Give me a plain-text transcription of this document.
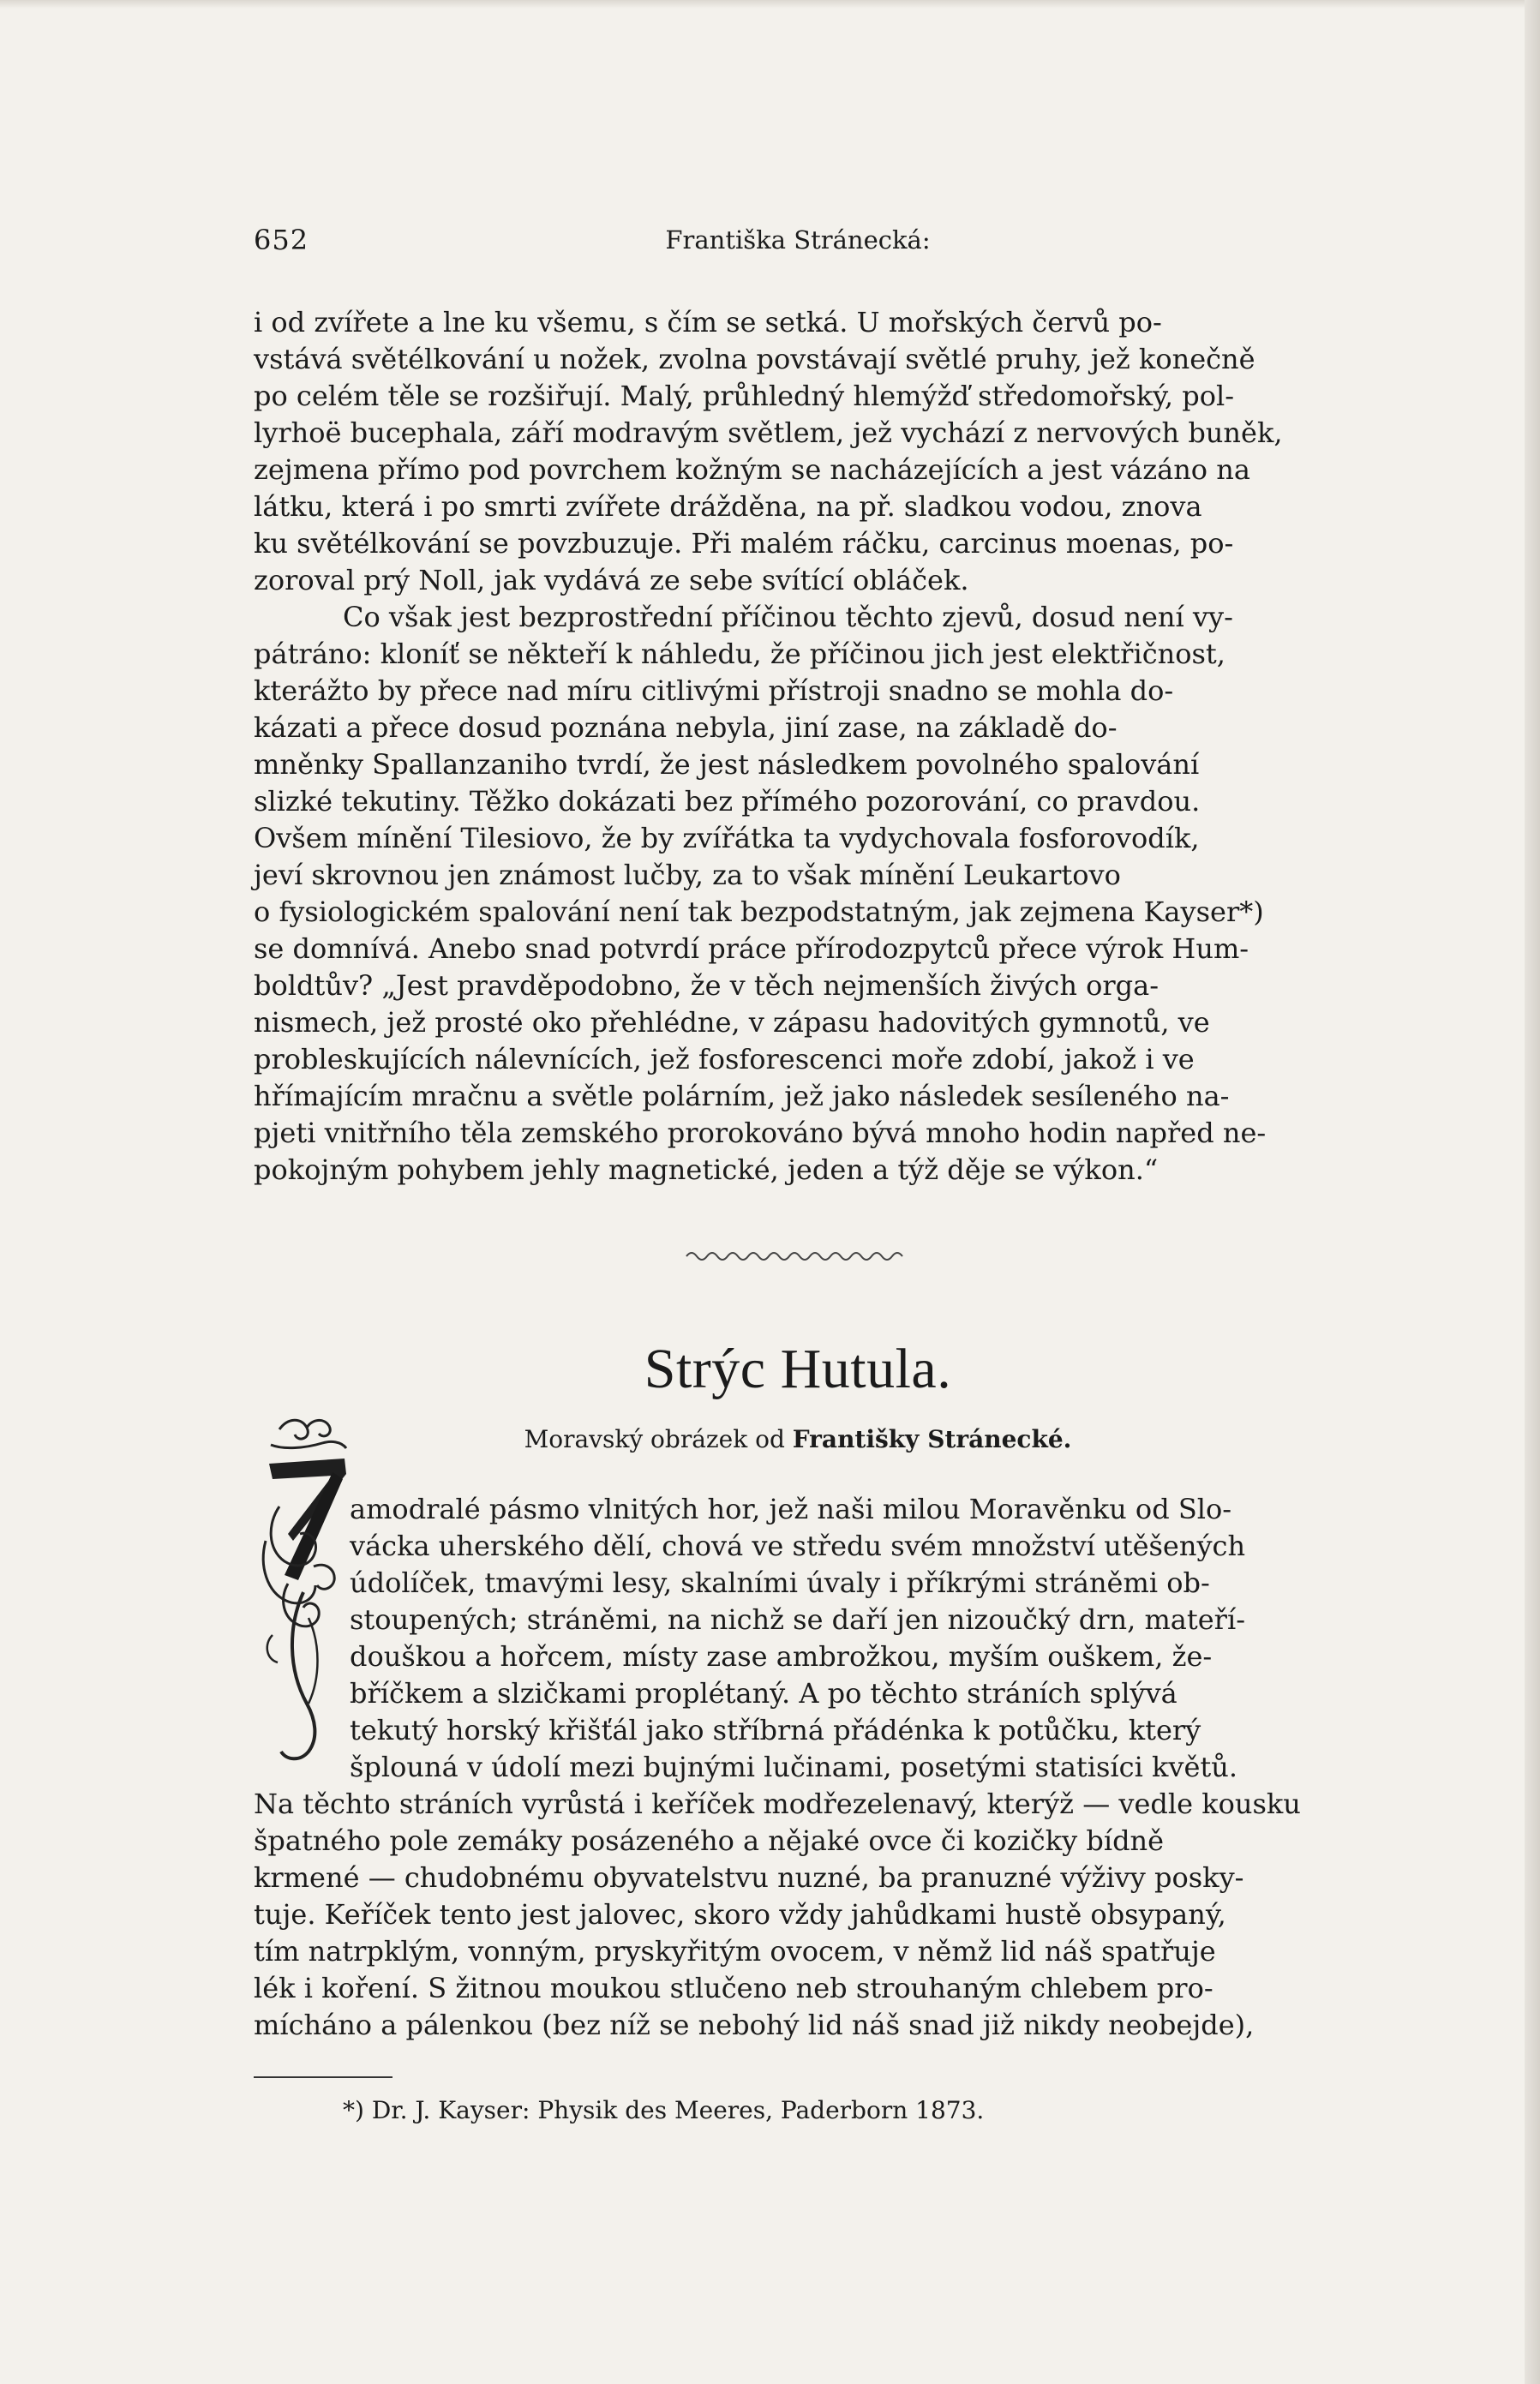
652	Františka Stránecká:
i od zvířete a lne ku všemu, s čím se setká. U mořských červů po-
vstává světélkování u nožek, zvolna povstávají světlé pruhy, jež konečně
po celém těle se rozšiřují. Malý, průhledný hlemýžď středomořský, pol-
lyrhoë bucephala, září modravým světlem, jež vychází z nervových buněk,
zejmena přímo pod povrchem kožným se nacházejících a jest vázáno na
látku, která i po smrti zvířete drážděna, na př. sladkou vodou, znova
ku světélkování se povzbuzuje. Při malém ráčku, carcinus moenas, po-
zoroval prý Noll, jak vydává ze sebe svítící obláček.
Co však jest bezprostřední příčinou těchto zjevů, dosud není vy-
pátráno: kloníť se někteří k náhledu, že příčinou jich jest elektřičnost,
kterážto by přece nad míru citlivými přístroji snadno se mohla do-
kázati a přece dosud poznána nebyla, jiní zase, na základě do-
mněnky Spallanzaniho tvrdí, že jest následkem povolného spalování
slizké tekutiny. Těžko dokázati bez přímého pozorování, co pravdou.
Ovšem mínění Tilesiovo, že by zvířátka ta vydychovala fosforovodík,
jeví skrovnou jen známost lučby, za to však mínění Leukartovo
o fysiologickém spalování není tak bezpodstatným, jak zejmena Kayser*)
se domnívá. Anebo snad potvrdí práce přírodozpytců přece výrok Hum-
boldtův? „Jest pravděpodobno, že v těch nejmenších živých orga-
nismech, jež prosté oko přehlédne, v zápasu hadovitých gymnotů, ve
probleskujících nálevnících, jež fosforescenci moře zdobí, jakož i ve
hřímajícím mračnu a světle polárním, jež jako následek sesíleného na-
pjeti vnitřního těla zemského prorokováno bývá mnoho hodin napřed ne-
pokojným pohybem jehly magnetické, jeden a týž děje se výkon.“
Strýc Hutula.
Moravský obrázek od Františky Stránecké.
amodralé pásmo vlnitých hor, jež naši milou Moravěnku od Slo-
váckа uherského dělí, chová ve středu svém množství utěšených
údolíček, tmavými lesy, skalními úvaly i příkrými stráněmi ob-
stoupených; stráněmi, na nichž se daří jen nizoučký drn, mateří-
douškou a hořcem, místy zase ambrožkou, myším ouškem, že-
bříčkem a slzičkami proplétaný. A po těchto stráních splývá
tekutý horský křišťál jako stříbrná přádénka k potůčku, který
šplouná v údolí mezi bujnými lučinami, posetými statisíci květů.
Na těchto stráních vyrůstá i keříček modřezelenavý, kterýž — vedle kousku
špatného pole zemáky posázeného a nějaké ovce či kozičky bídně
krmené — chudobnému obyvatelstvu nuzné, ba pranuzné výživy posky-
tuje. Keříček tento jest jalovec, skoro vždy jahůdkami hustě obsypaný,
tím natrpklým, vonným, pryskyřitým ovocem, v němž lid náš spatřuje
lék i koření. S žitnou moukou stlučeno neb strouhaným chlebem pro-
mícháno a pálenkou (bez níž se nebohý lid náš snad již nikdy neobejde),
*) Dr. J. Kayser: Physik des Meeres, Paderborn 1873.
